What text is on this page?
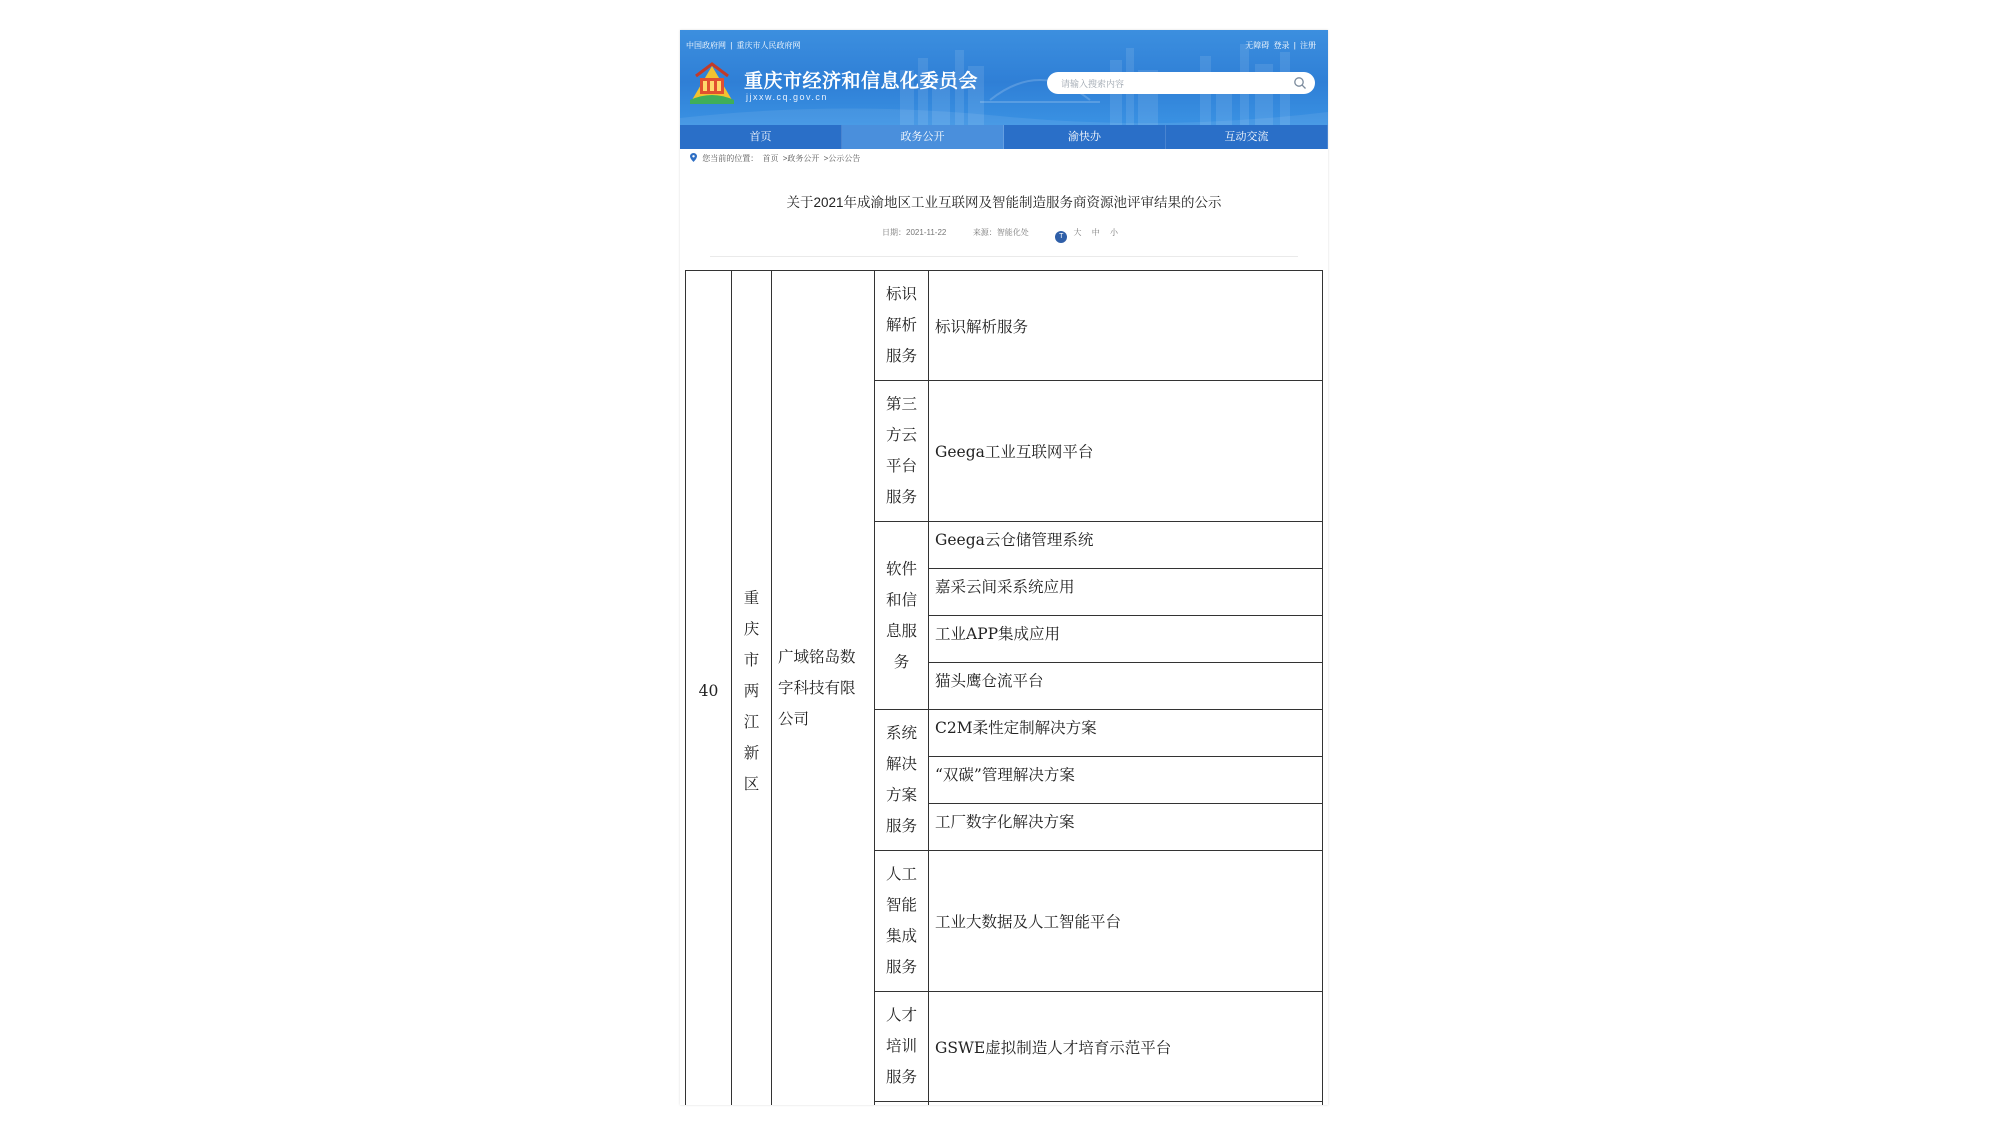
中国政府网 | 重庆市人民政府网	无障碍 登录 | 注册
重庆市经济和信息化委员会
jjxxw.cq.gov.cn
请输入搜索内容
首页	政务公开	渝快办	互动交流
您当前的位置： 首页 >政务公开 >公示公告
关于2021年成渝地区工业互联网及智能制造服务商资源池评审结果的公示
日期：2021-11-22	来源：智能化处	T 大 中 小
40	重庆市两江新区	广域铭岛数
字科技有限
公司	标识
解析
服务	标识解析服务

			第三
方云
平台
服务	Geega工业互联网平台

			软件
和信
息服
务	Geega云仓储管理系统
				嘉采云间采系统应用
				工业APP集成应用
				猫头鹰仓流平台

			系统
解决
方案
服务	C2M柔性定制解决方案
				“双碳”管理解决方案
				工厂数字化解决方案

			人工
智能
集成
服务	工业大数据及人工智能平台

			人才
培训
服务	GSWE虚拟制造人才培育示范平台
